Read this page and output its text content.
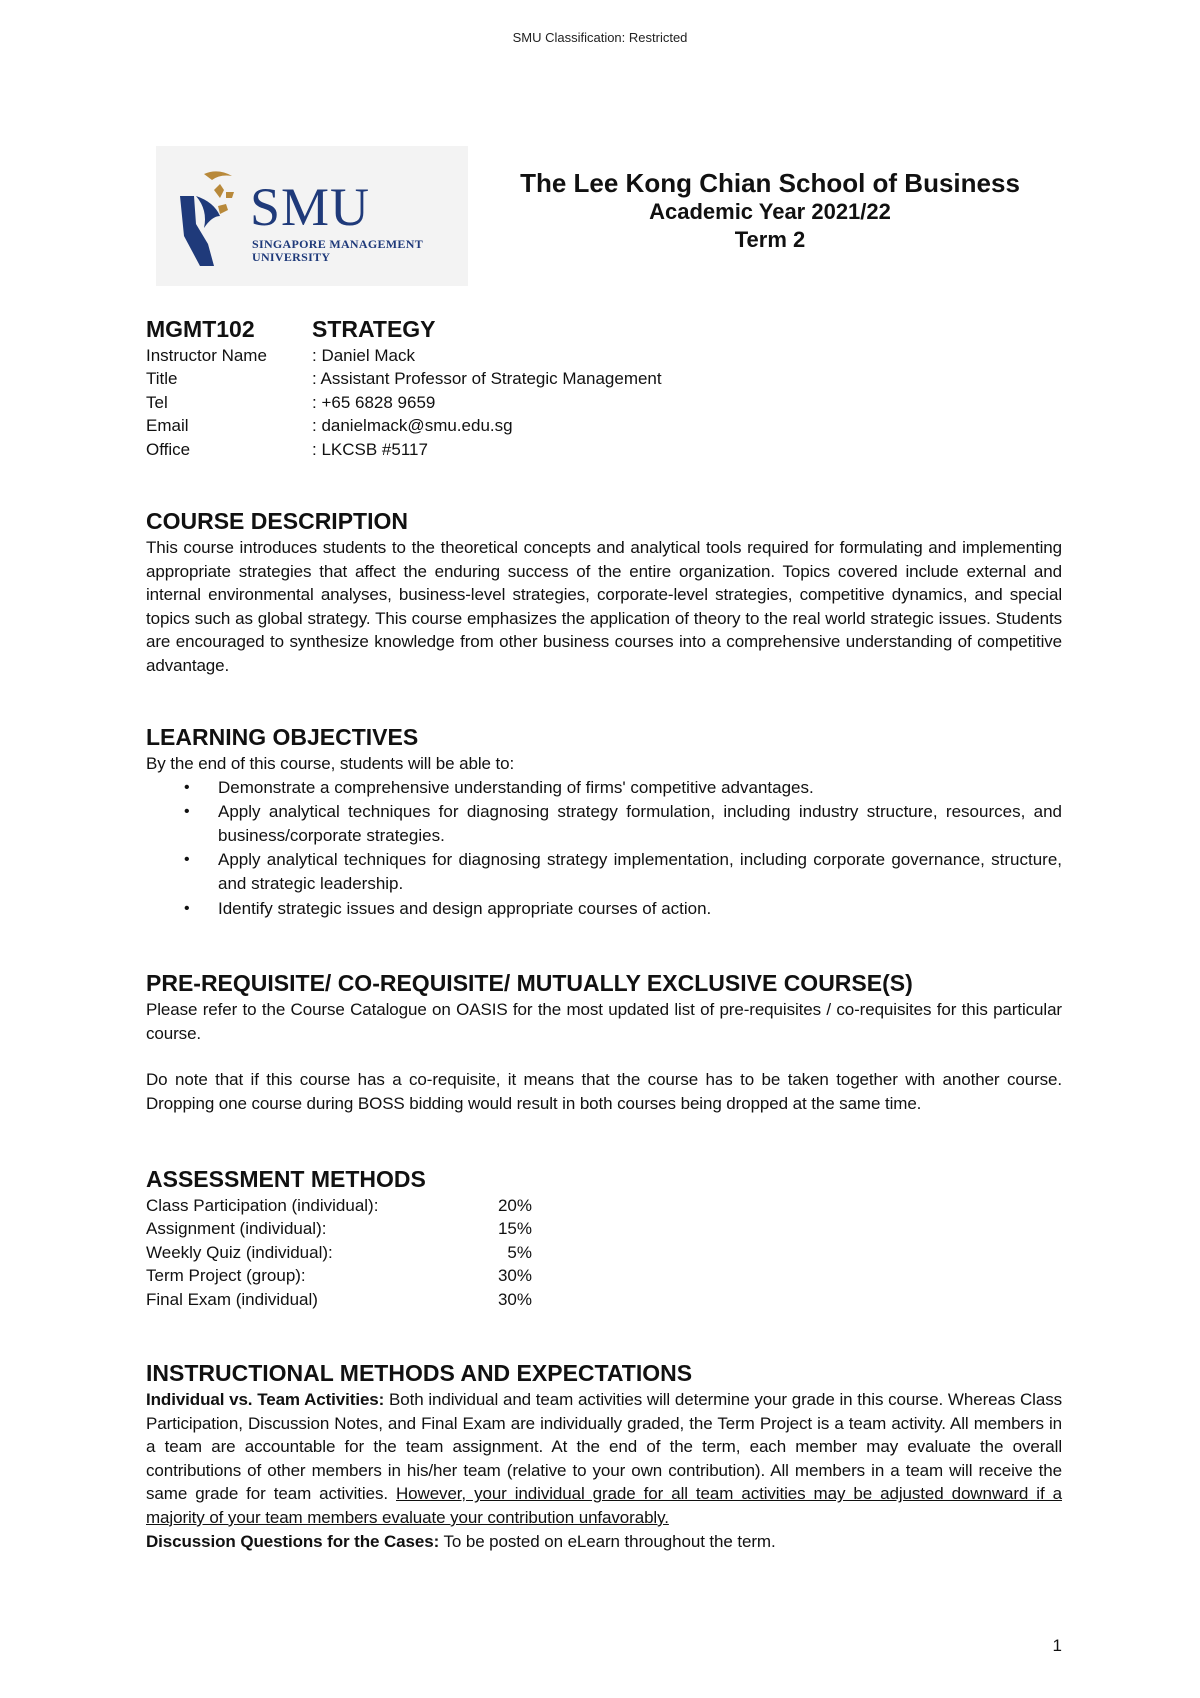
SMU Classification: Restricted
SMU
SINGAPORE MANAGEMENT
UNIVERSITY
The Lee Kong Chian School of Business
Academic Year 2021/22
Term 2
MGMT102 STRATEGY
Instructor Name	: Daniel Mack
Title	: Assistant Professor of Strategic Management
Tel	: +65 6828 9659
Email	: danielmack@smu.edu.sg
Office	: LKCSB #5117
COURSE DESCRIPTION

This course introduces students to the theoretical concepts and analytical tools required for formulating and implementing appropriate strategies that affect the enduring success of the entire organization. Topics covered include external and internal environmental analyses, business-level strategies, corporate-level strategies, competitive dynamics, and special topics such as global strategy. This course emphasizes the application of theory to the real world strategic issues. Students are encouraged to synthesize knowledge from other business courses into a comprehensive understanding of competitive advantage.

LEARNING OBJECTIVES

By the end of this course, students will be able to:

• Demonstrate a comprehensive understanding of firms' competitive advantages.
• Apply analytical techniques for diagnosing strategy formulation, including industry structure, resources, and business/corporate strategies.
• Apply analytical techniques for diagnosing strategy implementation, including corporate governance, structure, and strategic leadership.
• Identify strategic issues and design appropriate courses of action.
PRE-REQUISITE/ CO-REQUISITE/ MUTUALLY EXCLUSIVE COURSE(S)

Please refer to the Course Catalogue on OASIS for the most updated list of pre-requisites / co-requisites for this particular course.

Do note that if this course has a co-requisite, it means that the course has to be taken together with another course. Dropping one course during BOSS bidding would result in both courses being dropped at the same time.

ASSESSMENT METHODS
Class Participation (individual):	20%
Assignment (individual):	15%
Weekly Quiz (individual):	5%
Term Project (group):	30%
Final Exam (individual)	30%
INSTRUCTIONAL METHODS AND EXPECTATIONS

Individual vs. Team Activities: Both individual and team activities will determine your grade in this course. Whereas Class Participation, Discussion Notes, and Final Exam are individually graded, the Term Project is a team activity. All members in a team are accountable for the team assignment. At the end of the term, each member may evaluate the overall contributions of other members in his/her team (relative to your own contribution). All members in a team will receive the same grade for team activities. However, your individual grade for all team activities may be adjusted downward if a majority of your team members evaluate your contribution unfavorably.

Discussion Questions for the Cases: To be posted on eLearn throughout the term.

1
